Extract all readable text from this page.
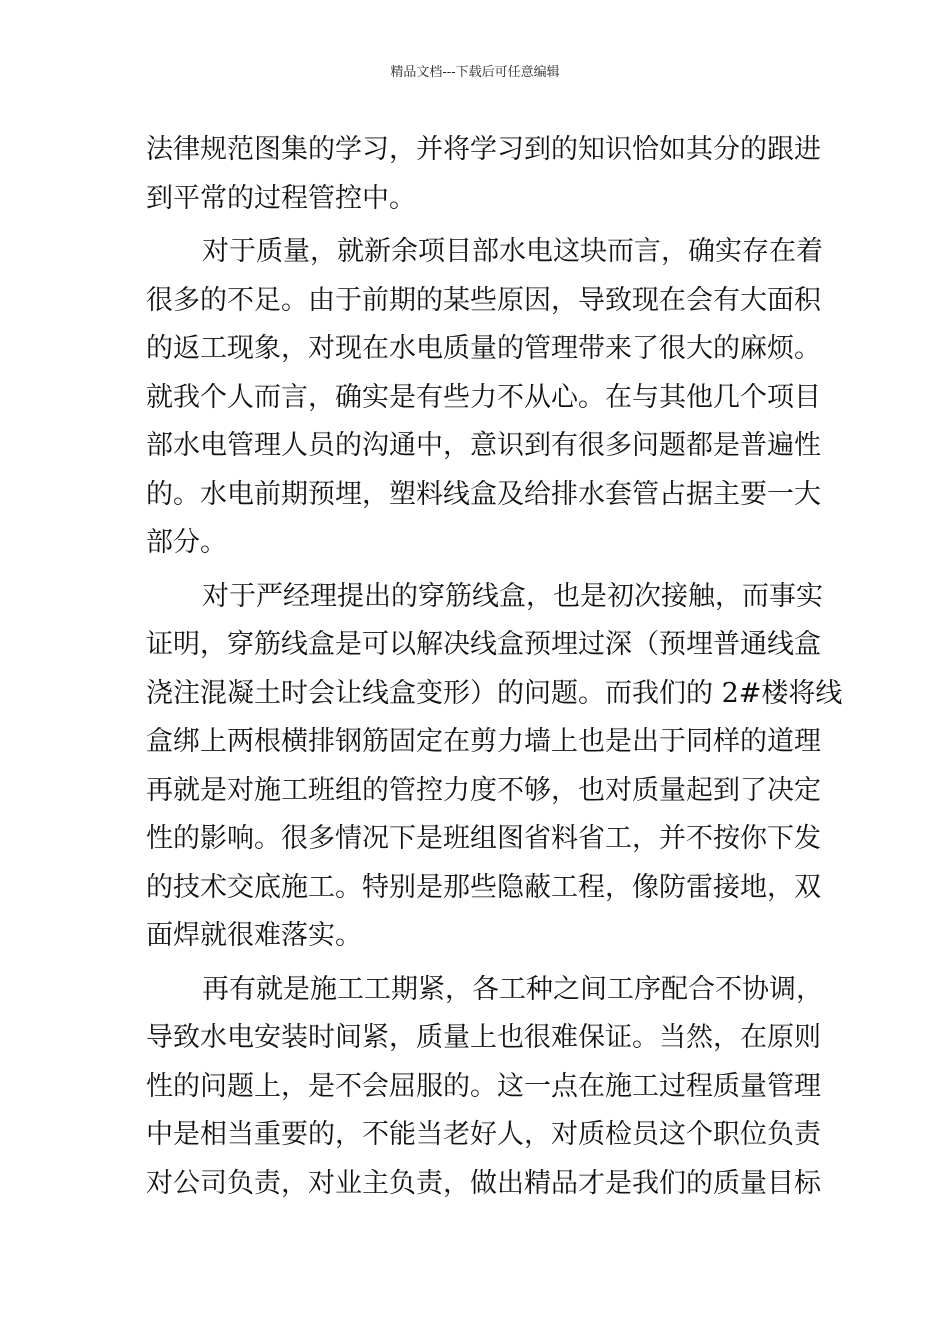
精品文档---下载后可任意编辑
法律规范图集的学习，并将学习到的知识恰如其分的跟进
到平常的过程管控中。
对于质量，就新余项目部水电这块而言，确实存在着
很多的不足。由于前期的某些原因，导致现在会有大面积
的返工现象，对现在水电质量的管理带来了很大的麻烦。
就我个人而言，确实是有些力不从心。在与其他几个项目
部水电管理人员的沟通中，意识到有很多问题都是普遍性
的。水电前期预埋，塑料线盒及给排水套管占据主要一大
部分。
对于严经理提出的穿筋线盒，也是初次接触，而事实
证明，穿筋线盒是可以解决线盒预埋过深（预埋普通线盒
浇注混凝土时会让线盒变形）的问题。而我们的 2#楼将线
盒绑上两根横排钢筋固定在剪力墙上也是出于同样的道理
再就是对施工班组的管控力度不够，也对质量起到了决定
性的影响。很多情况下是班组图省料省工，并不按你下发
的技术交底施工。特别是那些隐蔽工程，像防雷接地，双
面焊就很难落实。
再有就是施工工期紧，各工种之间工序配合不协调，
导致水电安装时间紧，质量上也很难保证。当然，在原则
性的问题上，是不会屈服的。这一点在施工过程质量管理
中是相当重要的，不能当老好人，对质检员这个职位负责
对公司负责，对业主负责，做出精品才是我们的质量目标
